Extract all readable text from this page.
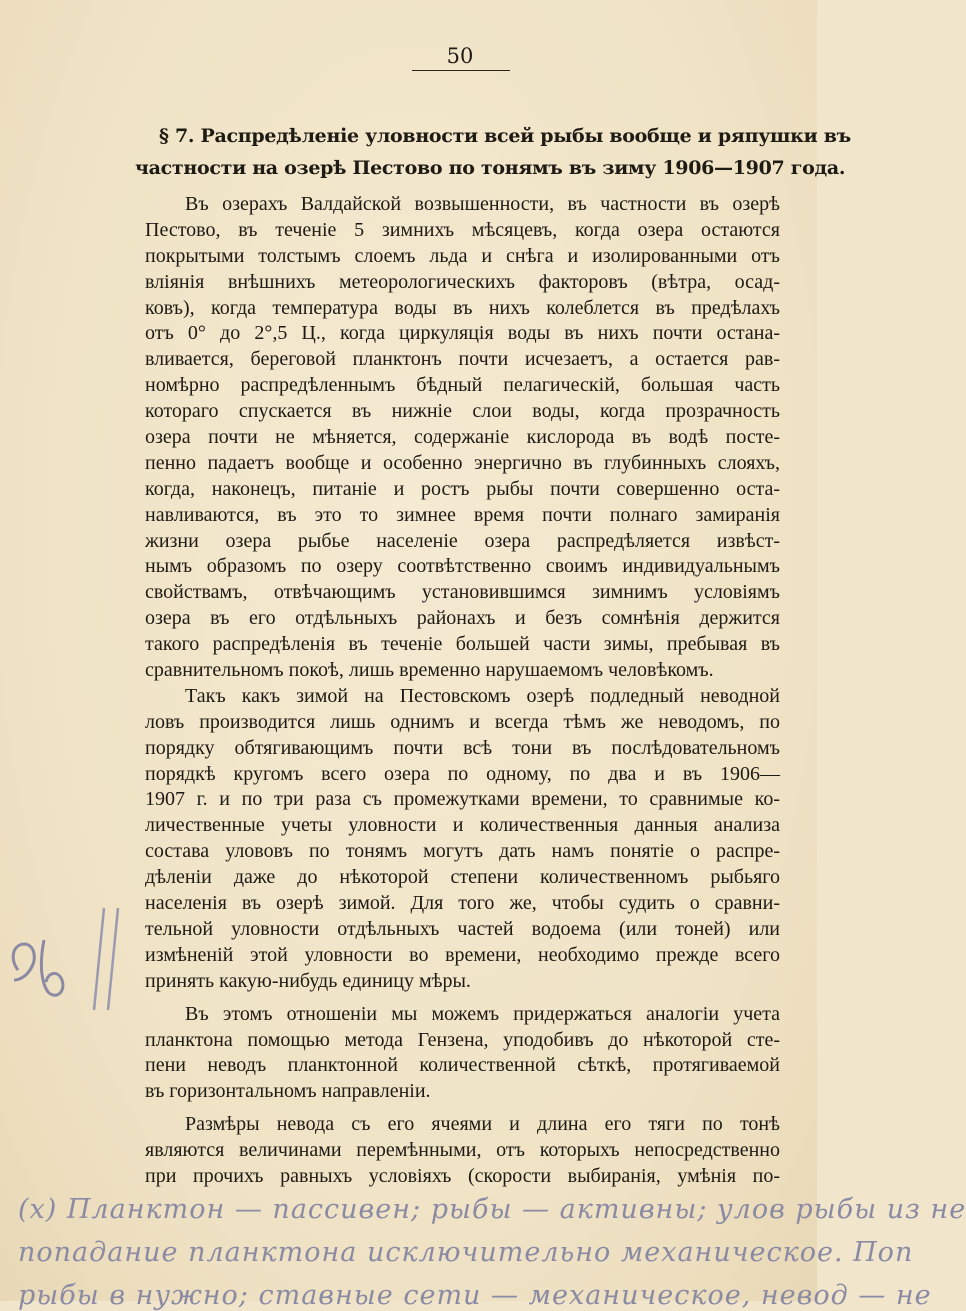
50
§ 7. Распредѣленіе уловности всей рыбы вообще и ряпушки въ
частности на озерѣ Пестово по тонямъ въ зиму 1906—1907 года.
Въ озерахъ Валдайской возвышенности, въ частности въ озерѣ
Пестово, въ теченіе 5 зимнихъ мѣсяцевъ, когда озера остаются
покрытыми толстымъ слоемъ льда и снѣга и изолированными отъ
вліянія внѣшнихъ метеорологическихъ факторовъ (вѣтра, осад-
ковъ), когда температура воды въ нихъ колеблется въ предѣлахъ
отъ 0° до 2°,5 Ц., когда циркуляція воды въ нихъ почти остана-
вливается, береговой планктонъ почти исчезаетъ, а остается рав-
номѣрно распредѣленнымъ бѣдный пелагическій, большая часть
котораго спускается въ нижніе слои воды, когда прозрачность
озера почти не мѣняется, содержаніе кислорода въ водѣ посте-
пенно падаетъ вообще и особенно энергично въ глубинныхъ слояхъ,
когда, наконецъ, питаніе и ростъ рыбы почти совершенно оста-
навливаются, въ это то зимнее время почти полнаго замиранія
жизни озера рыбье населеніе озера распредѣляется извѣст-
нымъ образомъ по озеру соотвѣтственно своимъ индивидуальнымъ
свойствамъ, отвѣчающимъ установившимся зимнимъ условіямъ
озера въ его отдѣльныхъ районахъ и безъ сомнѣнія держится
такого распредѣленія въ теченіе большей части зимы, пребывая въ
сравнительномъ покоѣ, лишь временно нарушаемомъ человѣкомъ.
Такъ какъ зимой на Пестовскомъ озерѣ подледный неводной
ловъ производится лишь однимъ и всегда тѣмъ же неводомъ, по
порядку обтягивающимъ почти всѣ тони въ послѣдовательномъ
порядкѣ кругомъ всего озера по одному, по два и въ 1906—
1907 г. и по три раза съ промежутками времени, то сравнимые ко-
личественные учеты уловности и количественныя данныя анализа
состава улововъ по тонямъ могутъ дать намъ понятіе о распре-
дѣленіи даже до нѣкоторой степени количественномъ рыбьяго
населенія въ озерѣ зимой. Для того же, чтобы судить о сравни-
тельной уловности отдѣльныхъ частей водоема (или тоней) или
измѣненій этой уловности во времени, необходимо прежде всего
принять какую-нибудь единицу мѣры.
Въ этомъ отношеніи мы можемъ придержаться аналогіи учета
планктона помощью метода Гензена, уподобивъ до нѣкоторой сте-
пени неводъ планктонной количественной сѣткѣ, протягиваемой
въ горизонтальномъ направленіи.
Размѣры невода съ его ячеями и длина его тяги по тонѣ
являются величинами перемѣнными, отъ которыхъ непосредственно
при прочихъ равныхъ условіяхъ (скорости выбиранія, умѣнія по-
(x) Планктон — пассивен; рыбы — активны; улов рыбы из не
попадание планктона исключительно механическое. Поп
рыбы в нужно; ставные сети — механическое, невод — не
